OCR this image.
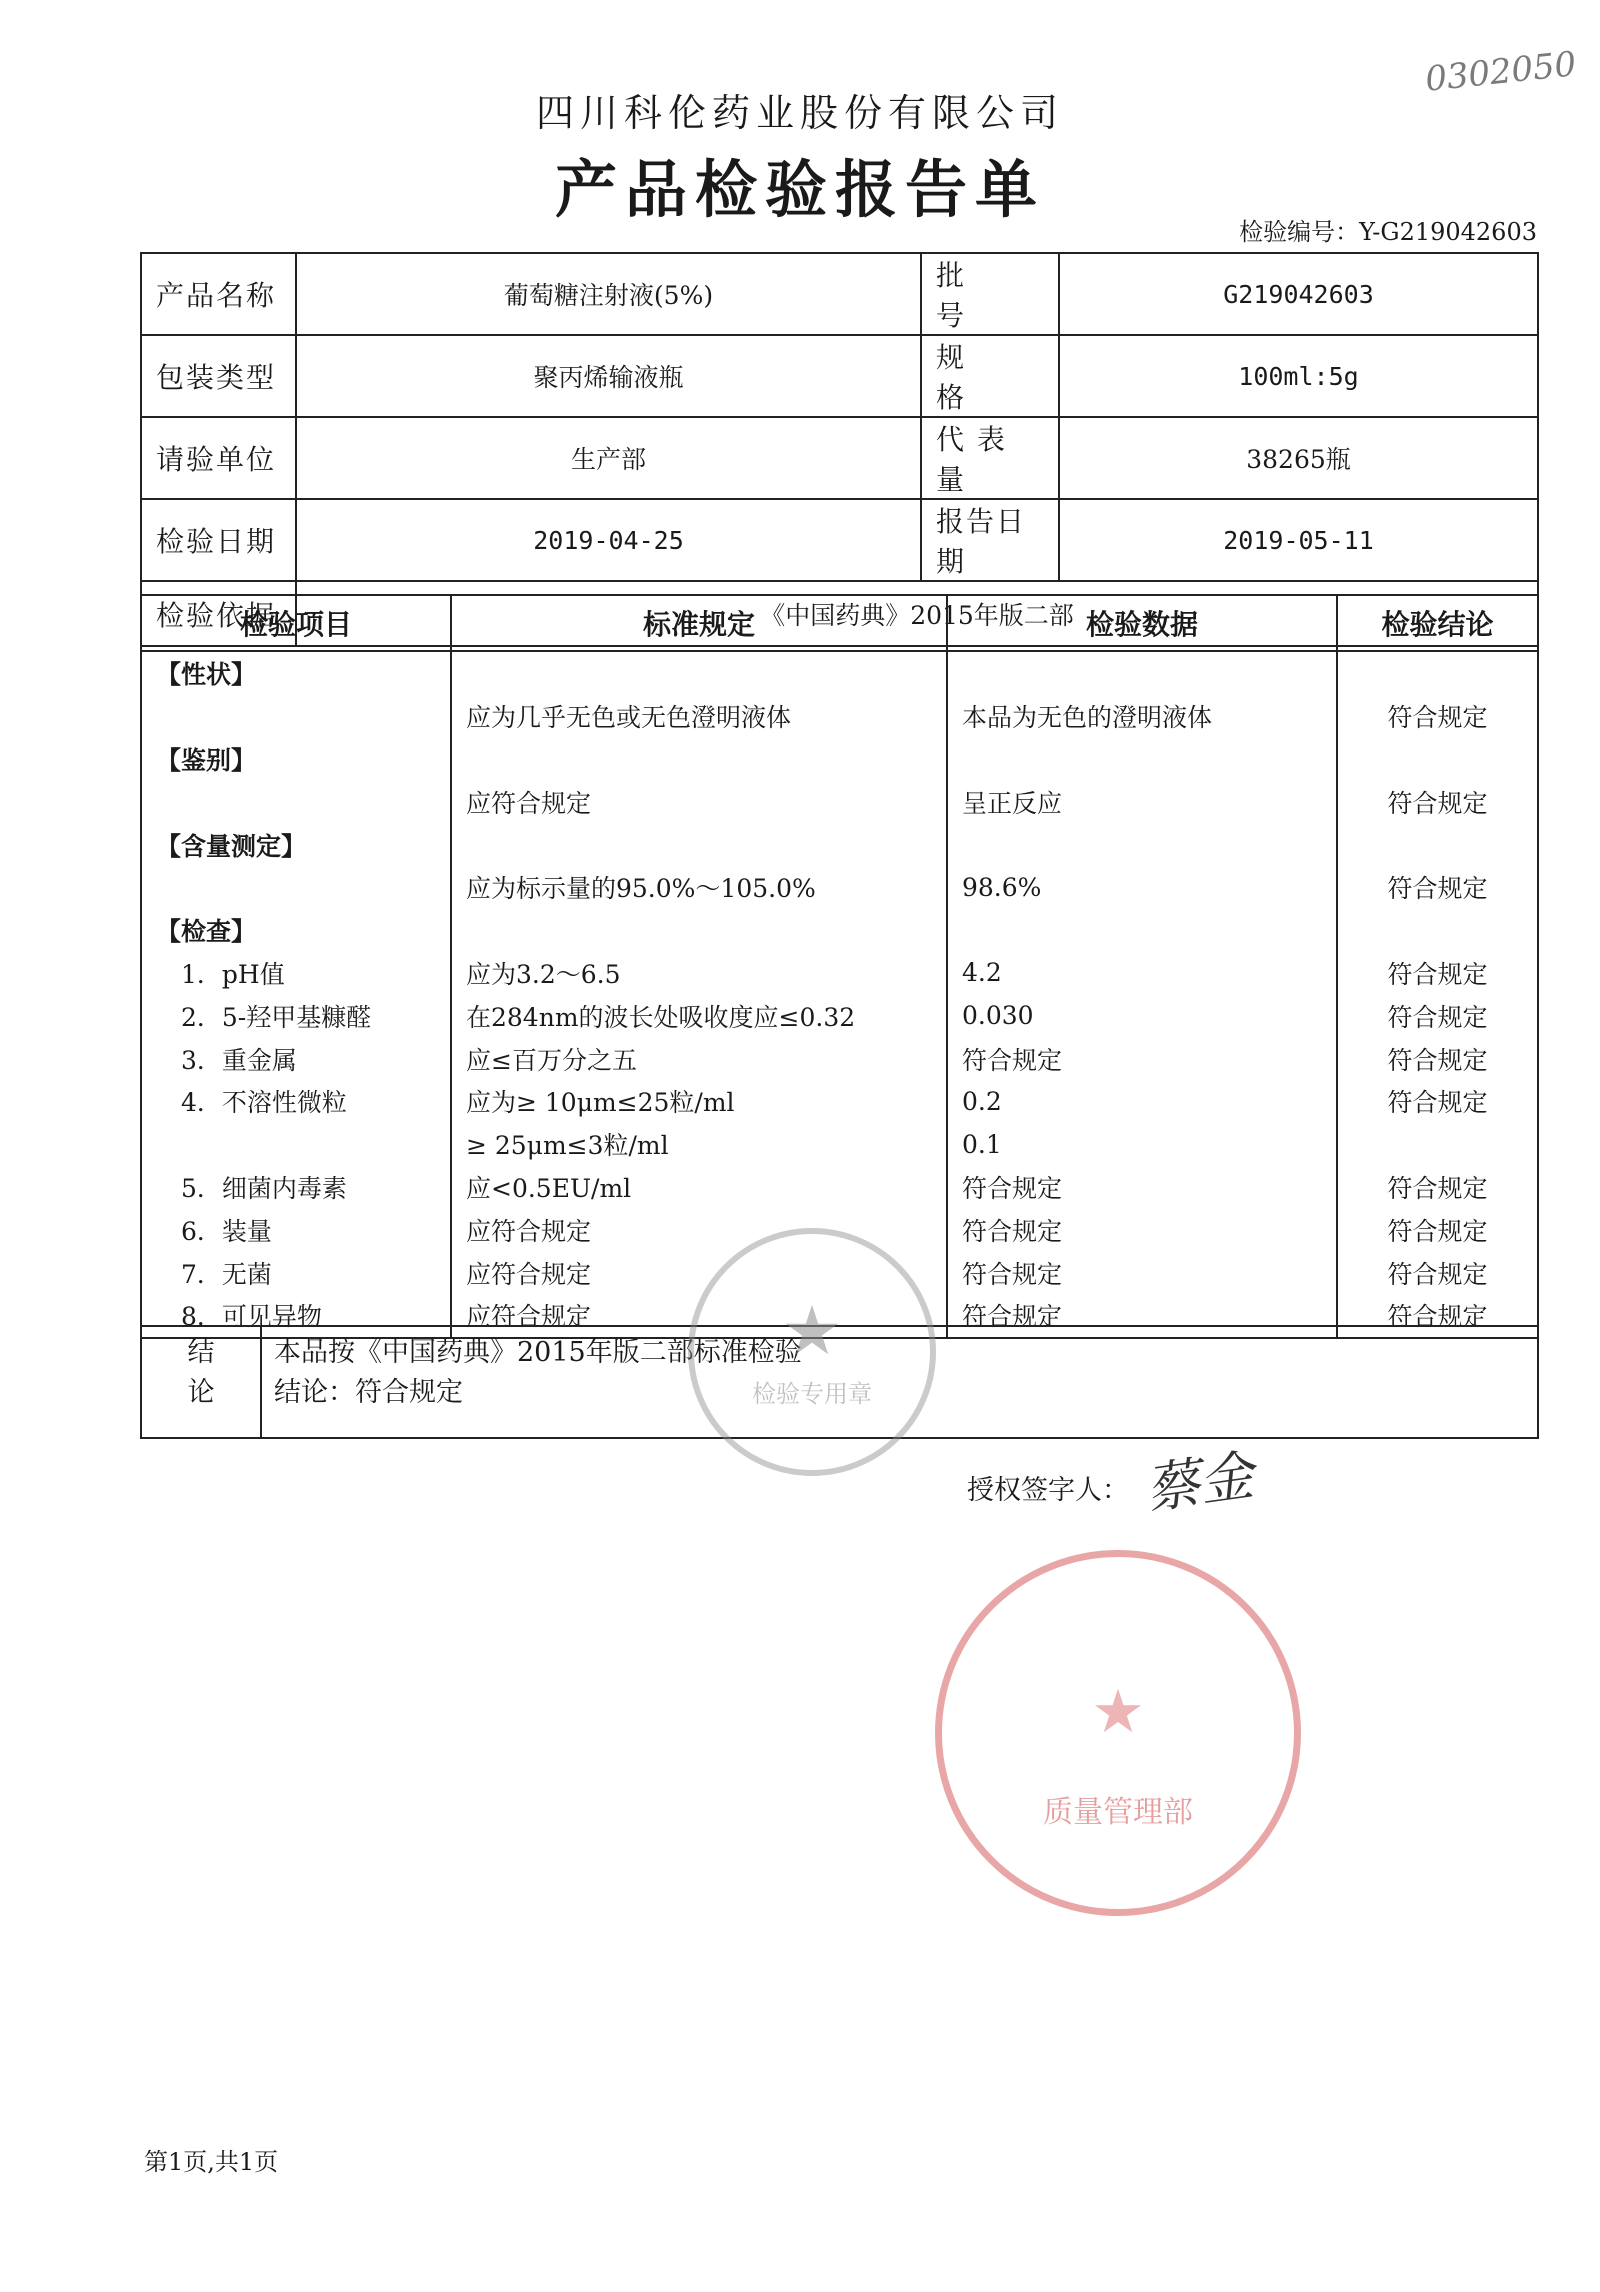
四川科伦药业股份有限公司
产品检验报告单
0302050
检验编号：Y-G219042603
产品名称	葡萄糖注射液(5%)	批　　号	G219042603
包装类型	聚丙烯输液瓶	规　　格	100ml:5g
请验单位	生产部	代 表 量	38265瓶
检验日期	2019-04-25	报告日期	2019-05-11
检验依据	《中国药典》2015年版二部		
检验项目	标准规定	检验数据	检验结论
【性状】			
	应为几乎无色或无色澄明液体	本品为无色的澄明液体	符合规定
【鉴别】			
	应符合规定	呈正反应	符合规定
【含量测定】			
	应为标示量的95.0%～105.0%	98.6%	符合规定
【检查】			
　1．pH值	应为3.2～6.5	4.2	符合规定
　2．5-羟甲基糠醛	在284nm的波长处吸收度应≤0.32	0.030	符合规定
　3．重金属	应≤百万分之五	符合规定	符合规定
　4．不溶性微粒	应为≥ 10μm≤25粒/ml	0.2	符合规定
	≥ 25μm≤3粒/ml	0.1	
　5．细菌内毒素	应<0.5EU/ml	符合规定	符合规定
　6．装量	应符合规定	符合规定	符合规定
　7．无菌	应符合规定	符合规定	符合规定
　8．可见异物	应符合规定	符合规定	符合规定
结
论

本品按《中国药典》2015年版二部标准检验
结论：符合规定
★
检验专用章
授权签字人： 蔡金
★
质量管理部
第1页,共1页
